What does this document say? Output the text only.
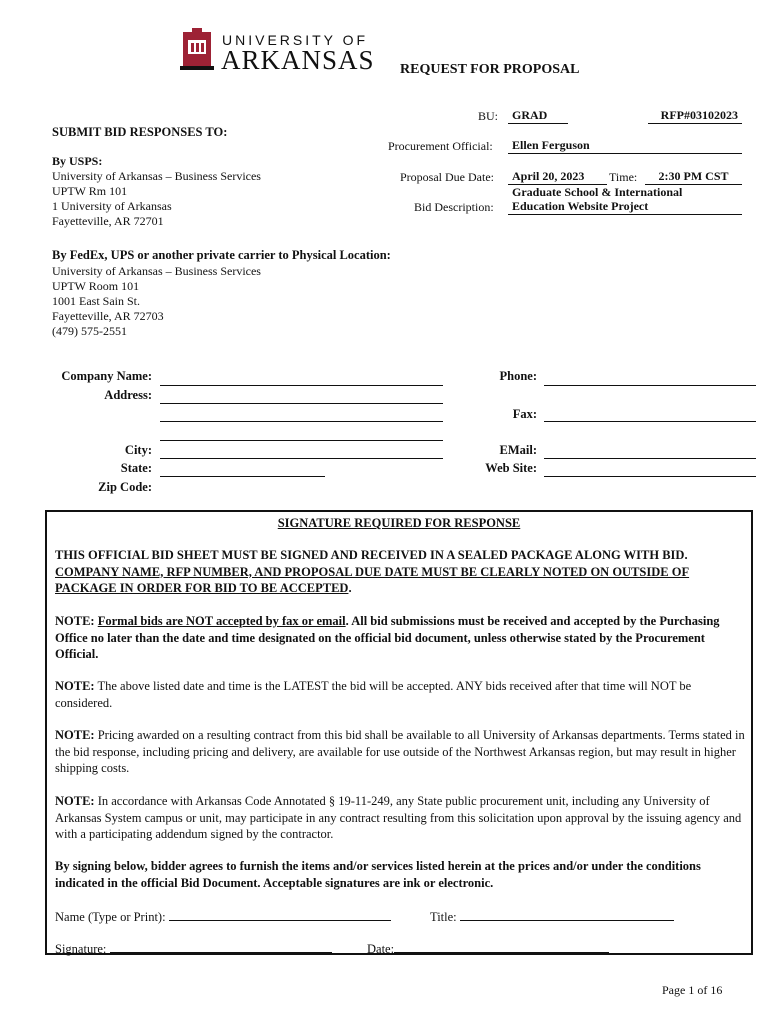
UNIVERSITY OF
ARKANSAS REQUEST FOR PROPOSAL
BU:	GRAD	RFP#03102023
SUBMIT BID RESPONSES TO:
Procurement Official:	Ellen Ferguson
Proposal Due Date:	April 20, 2023	Time:	2:30 PM CST
Graduate School & International
Bid Description:	Education Website Project
By USPS:
University of Arkansas – Business Services
UPTW Rm 101
1 University of Arkansas
Fayetteville, AR 72701
By FedEx, UPS or another private carrier to Physical Location:
University of Arkansas – Business Services
UPTW Room 101
1001 East Sain St.
Fayetteville, AR 72703
(479) 575-2551
Company Name:
Address:
City:
State:
Zip Code:
Phone:
Fax:
EMail:
Web Site:
SIGNATURE REQUIRED FOR RESPONSE
THIS OFFICIAL BID SHEET MUST BE SIGNED AND RECEIVED IN A SEALED PACKAGE ALONG WITH BID. COMPANY NAME, RFP NUMBER, AND PROPOSAL DUE DATE MUST BE CLEARLY NOTED ON OUTSIDE OF PACKAGE IN ORDER FOR BID TO BE ACCEPTED.
NOTE: Formal bids are NOT accepted by fax or email. All bid submissions must be received and accepted by the Purchasing Office no later than the date and time designated on the official bid document, unless otherwise stated by the Procurement Official.
NOTE: The above listed date and time is the LATEST the bid will be accepted. ANY bids received after that time will NOT be considered.
NOTE: Pricing awarded on a resulting contract from this bid shall be available to all University of Arkansas departments. Terms stated in the bid response, including pricing and delivery, are available for use outside of the Northwest Arkansas region, but may result in higher shipping costs.
NOTE: In accordance with Arkansas Code Annotated § 19-11-249, any State public procurement unit, including any University of Arkansas System campus or unit, may participate in any contract resulting from this solicitation upon approval by the issuing agency and with a participating addendum signed by the contractor.
By signing below, bidder agrees to furnish the items and/or services listed herein at the prices and/or under the conditions indicated in the official Bid Document. Acceptable signatures are ink or electronic.
Name (Type or Print):	Title:
Signature:	Date:
Page 1 of 16
